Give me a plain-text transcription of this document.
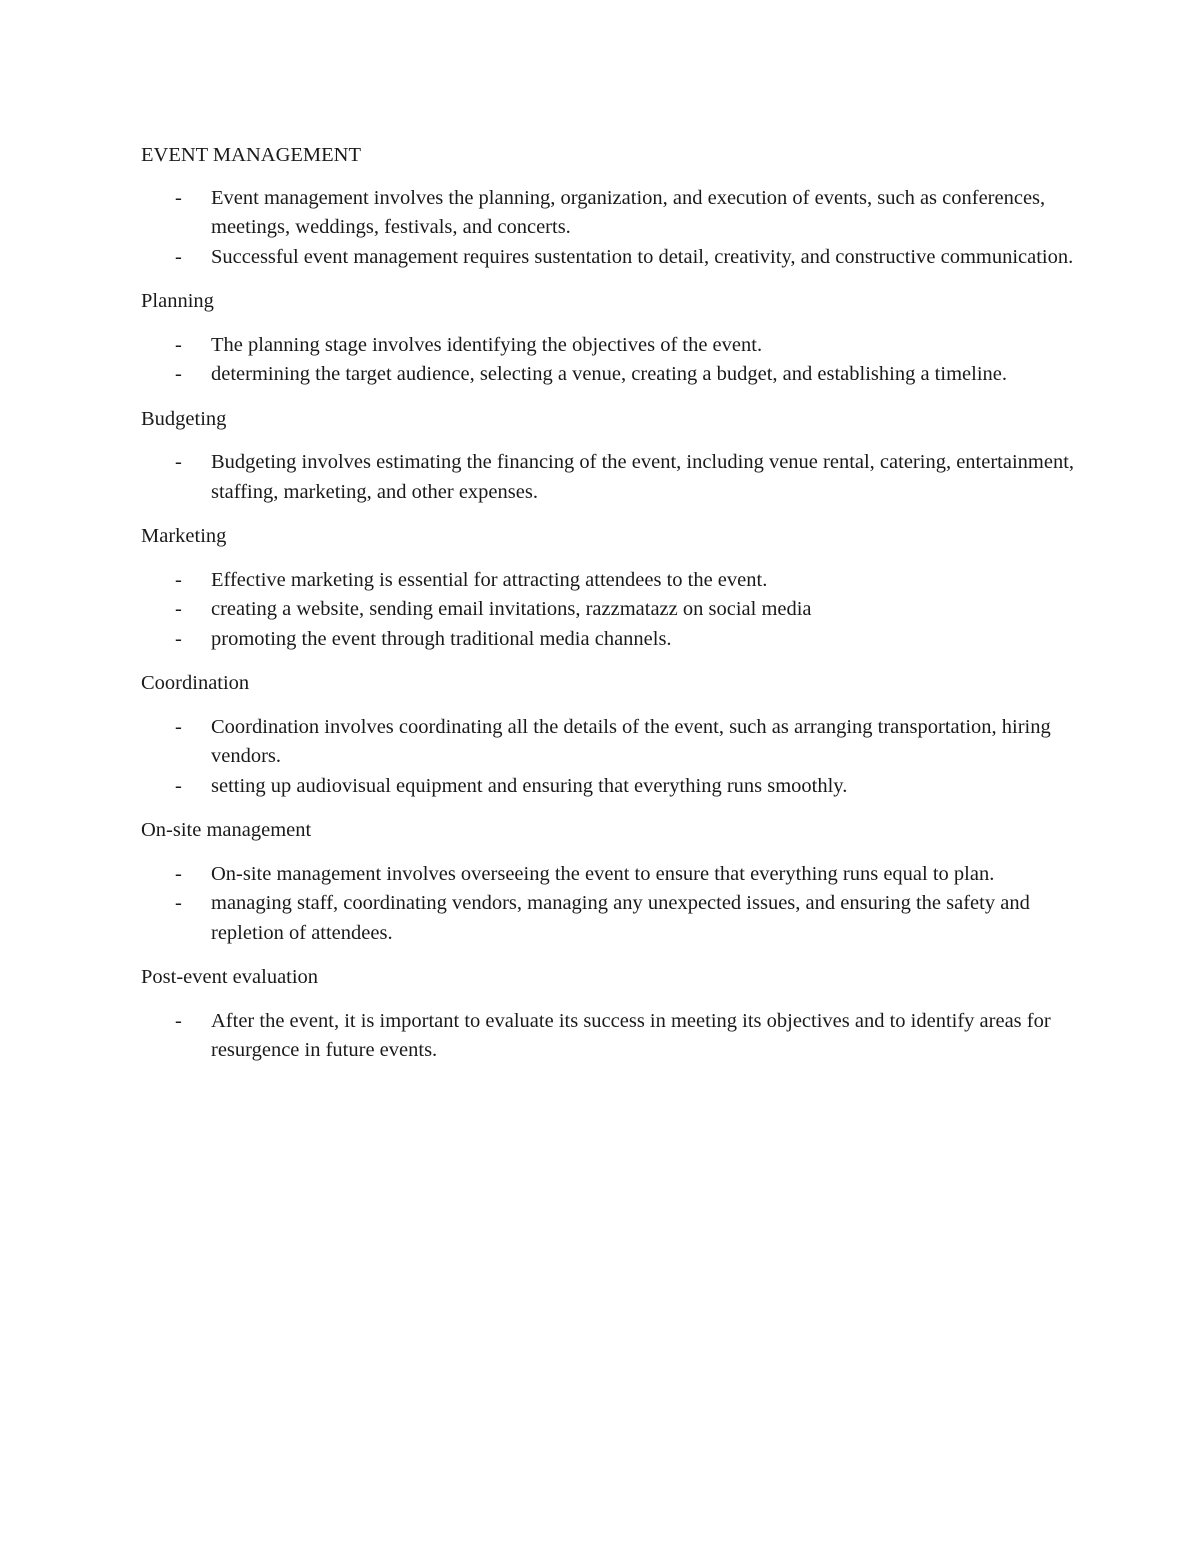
EVENT MANAGEMENT
- Event management involves the planning, organization, and execution of events, such as conferences, meetings, weddings, festivals, and concerts.
- Successful event management requires sustentation to detail, creativity, and constructive communication.
Planning
- The planning stage involves identifying the objectives of the event.
- determining the target audience, selecting a venue, creating a budget, and establishing a timeline.
Budgeting
- Budgeting involves estimating the financing of the event, including venue rental, catering, entertainment, staffing, marketing, and other expenses.
Marketing
- Effective marketing is essential for attracting attendees to the event.
- creating a website, sending email invitations, razzmatazz on social media
- promoting the event through traditional media channels.
Coordination
- Coordination involves coordinating all the details of the event, such as arranging transportation, hiring vendors.
- setting up audiovisual equipment and ensuring that everything runs smoothly.
On-site management
- On-site management involves overseeing the event to ensure that everything runs equal to plan.
- managing staff, coordinating vendors, managing any unexpected issues, and ensuring the safety and repletion of attendees.
Post-event evaluation
- After the event, it is important to evaluate its success in meeting its objectives and to identify areas for resurgence in future events.
